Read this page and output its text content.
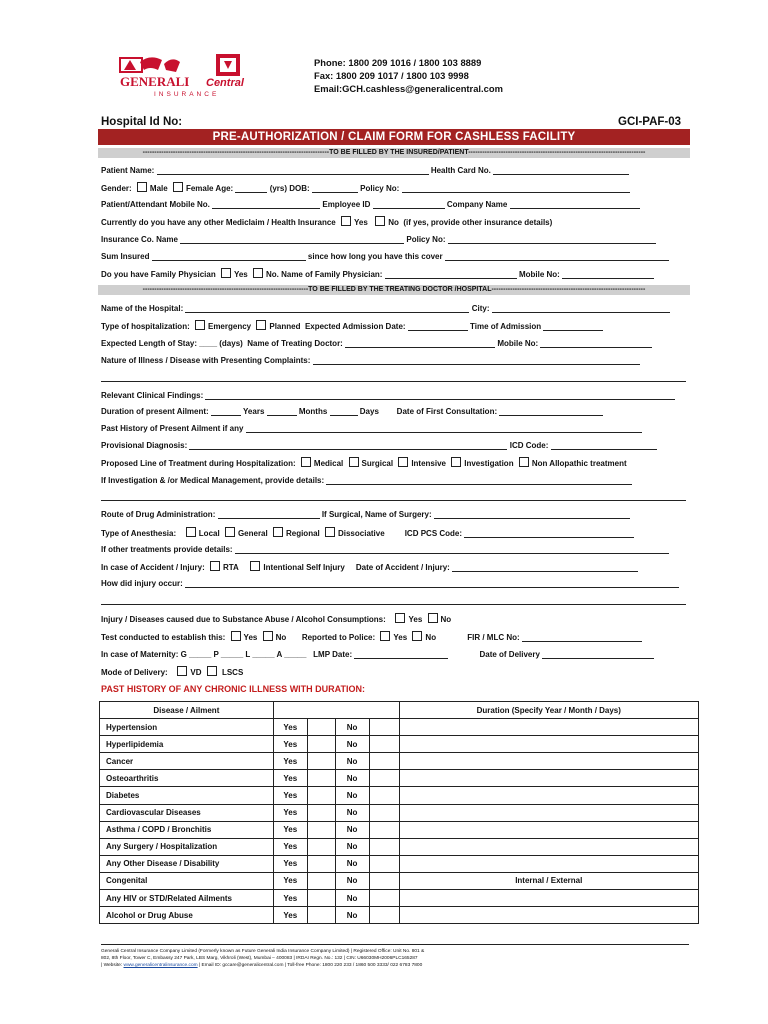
GENERALI Central
INSURANCE
Phone: 1800 209 1016 / 1800 103 8889
Fax: 1800 209 1017 / 1800 103 9998
Email:GCH.cashless@generalicentral.com
Hospital Id No:	GCI-PAF-03
PRE-AUTHORIZATION / CLAIM FORM FOR CASHLESS FACILITY
--------------------------------------------------------------------------------TO BE FILLED BY THE INSURED/PATIENT----------------------------------------------------------------------------
Patient Name:	Health Card No.
Gender: Male Female Age:	(yrs) DOB:	Policy No:
Patient/Attendant Mobile No.	Employee ID	Company Name
Currently do you have any other Mediclaim / Health Insurance Yes	No (if yes, provide other insurance details)
Insurance Co. Name	Policy No:
Sum Insured	since how long you have this cover
Do you have Family Physician Yes No. Name of Family Physician:	Mobile No:
-----------------------------------------------------------------------TO BE FILLED BY THE TREATING DOCTOR /HOSPITAL------------------------------------------------------------------
Name of the Hospital:	City:
Type of hospitalization: Emergency Planned Expected Admission Date:	Time of Admission
Expected Length of Stay: ____ (days) Name of Treating Doctor:	Mobile No:
Nature of Illness / Disease with Presenting Complaints:
Relevant Clinical Findings:
Duration of present Ailment:	Years	Months	Days Date of First Consultation:
Past History of Present Ailment if any
Provisional Diagnosis:	ICD Code:
Proposed Line of Treatment during Hospitalization: Medical Surgical Intensive Investigation Non Allopathic treatment
If Investigation & /or Medical Management, provide details:
Route of Drug Administration:	If Surgical, Name of Surgery:
Type of Anesthesia:	Local General Regional Dissociative	ICD PCS Code:
If other treatments provide details:
In case of Accident / Injury: RTA	Intentional Self Injury Date of Accident / Injury:
How did injury occur:
Injury / Diseases caused due to Substance Abuse / Alcohol Consumptions:	Yes No
Test conducted to establish this: Yes No Reported to Police: Yes No	FIR / MLC No:
In case of Maternity: G _____ P _____ L _____ A _____ LMP Date:	Date of Delivery
Mode of Delivery:	VD	LSCS
PAST HISTORY OF ANY CHRONIC ILLNESS WITH DURATION:
Disease / Ailment					Duration (Specify Year / Month / Days)
Hypertension	Yes		No		
Hyperlipidemia	Yes		No		
Cancer	Yes		No		
Osteoarthritis	Yes		No		
Diabetes	Yes		No		
Cardiovascular Diseases	Yes		No		
Asthma / COPD / Bronchitis	Yes		No		
Any Surgery / Hospitalization	Yes		No		
Any Other Disease / Disability	Yes		No		
Congenital	Yes		No		Internal / External
Any HIV or STD/Related Ailments	Yes		No		
Alcohol or Drug Abuse	Yes		No		
Generali Central Insurance Company Limited (Formerly known as Future Generali India Insurance Company Limited) | Registered Office: Unit No. 801 &
802, 8th Floor, Tower C, Embassy 247 Park, LBS Marg, Vikhroli (West), Mumbai – 400083 | IRDAI Regn. No.: 132 | CIN: U66030MH2006PLC165287
| Website: www.generalicentralinsurance.com | Email ID: gccare@generalicentral.com | Toll-free Phone: 1800 220 233 / 1860 500 3333/ 022 6783 7800
